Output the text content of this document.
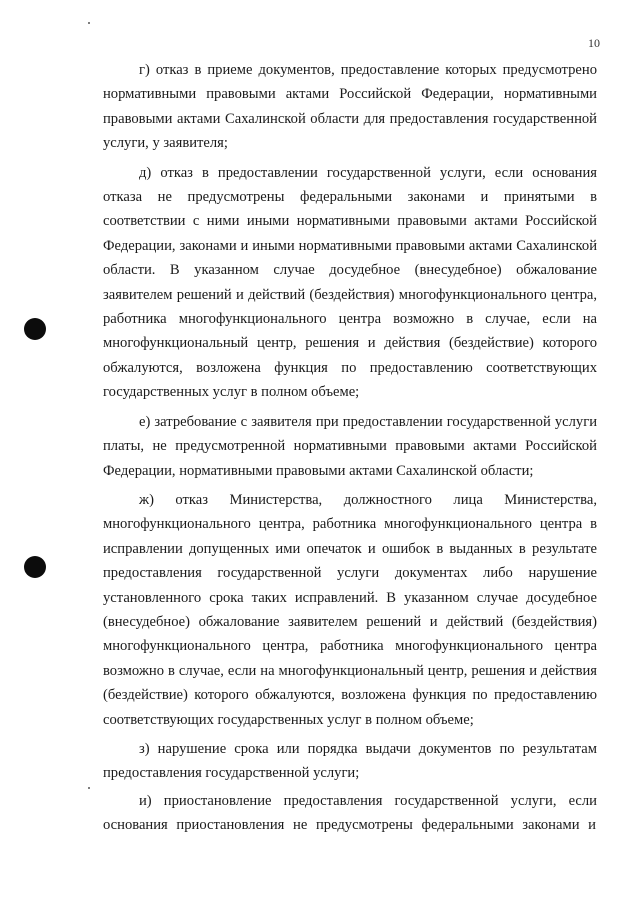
10

г) отказ в приеме документов, предоставление которых предусмотрено нормативными правовыми актами Российской Федерации, нормативными правовыми актами Сахалинской области для предоставления государственной услуги, у заявителя;

д) отказ в предоставлении государственной услуги, если основания отказа не предусмотрены федеральными законами и принятыми в соответствии с ними иными нормативными правовыми актами Российской Федерации, законами и иными нормативными правовыми актами Сахалинской области. В указанном случае досудебное (внесудебное) обжалование заявителем решений и действий (бездействия) многофункционального центра, работника многофункционального центра возможно в случае, если на многофункциональный центр, решения и действия (бездействие) которого обжалуются, возложена функция по предоставлению соответствующих государственных услуг в полном объеме;

е) затребование с заявителя при предоставлении государственной услуги платы, не предусмотренной нормативными правовыми актами Российской Федерации, нормативными правовыми актами Сахалинской области;

ж) отказ Министерства, должностного лица Министерства, многофункционального центра, работника многофункционального центра в исправлении допущенных ими опечаток и ошибок в выданных в результате предоставления государственной услуги документах либо нарушение установленного срока таких исправлений. В указанном случае досудебное (внесудебное) обжалование заявителем решений и действий (бездействия) многофункционального центра, работника многофункционального центра возможно в случае, если на многофункциональный центр, решения и действия (бездействие) которого обжалуются, возложена функция по предоставлению соответствующих государственных услуг в полном объеме;

з) нарушение срока или порядка выдачи документов по результатам предоставления государственной услуги;

и) приостановление предоставления государственной услуги, если основания приостановления не предусмотрены федеральными законами и
